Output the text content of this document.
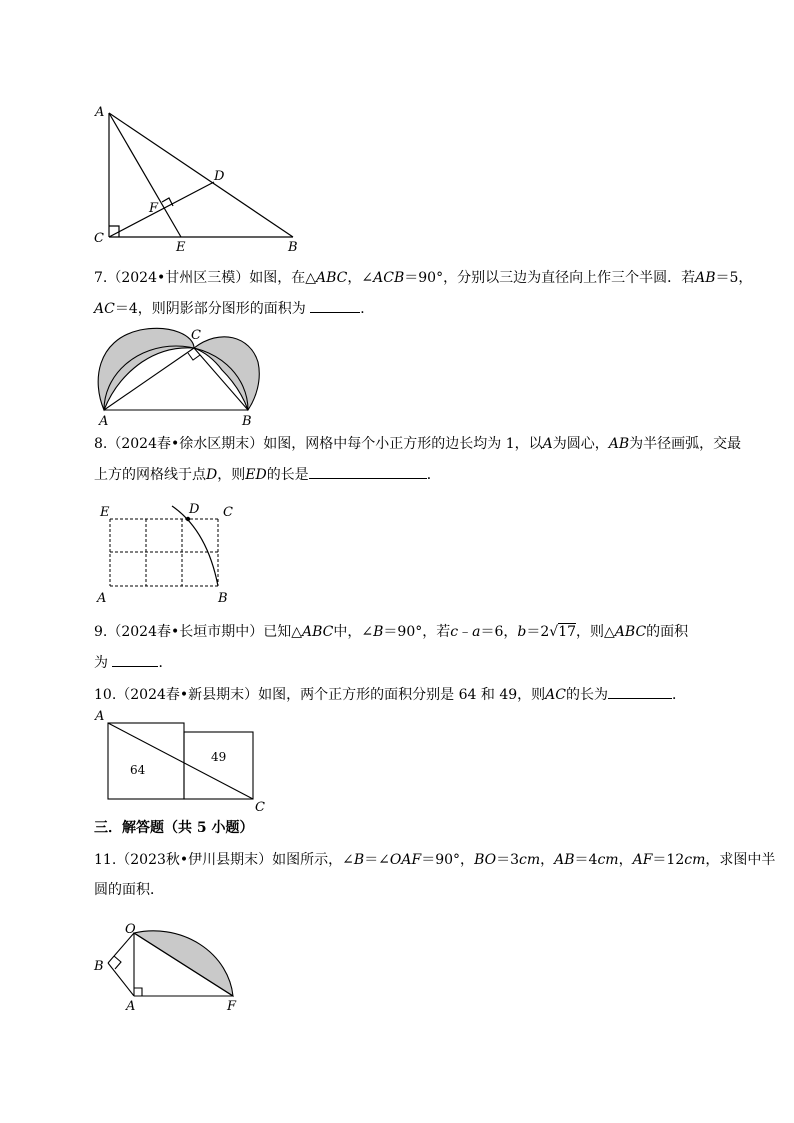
A
C
E	B
D
F
7.（2024•甘州区三模）如图，在△ABC，∠ACB＝90°，分别以三边为直径向上作三个半圆．若AB＝5，
AC＝4，则阴影部分图形的面积为	．
C
A	B
8.（2024春•徐水区期末）如图，网格中每个小正方形的边长均为 1，以A为圆心，AB为半径画弧，交最
上方的网格线于点D，则ED的长是	．
E	D C
A	B
9.（2024春•长垣市期中）已知△ABC中，∠B＝90°，若c﹣a＝6，b＝2√17，则△ABC的面积
为	．
10.（2024春•新县期末）如图，两个正方形的面积分别是 64 和 49，则AC的长为	．
A
C
64
49
三．解答题（共 5 小题）
11.（2023秋•伊川县期末）如图所示，∠B＝∠OAF＝90°，BO＝3cm，AB＝4cm，AF＝12cm，求图中半
圆的面积．
O
B
A	F
